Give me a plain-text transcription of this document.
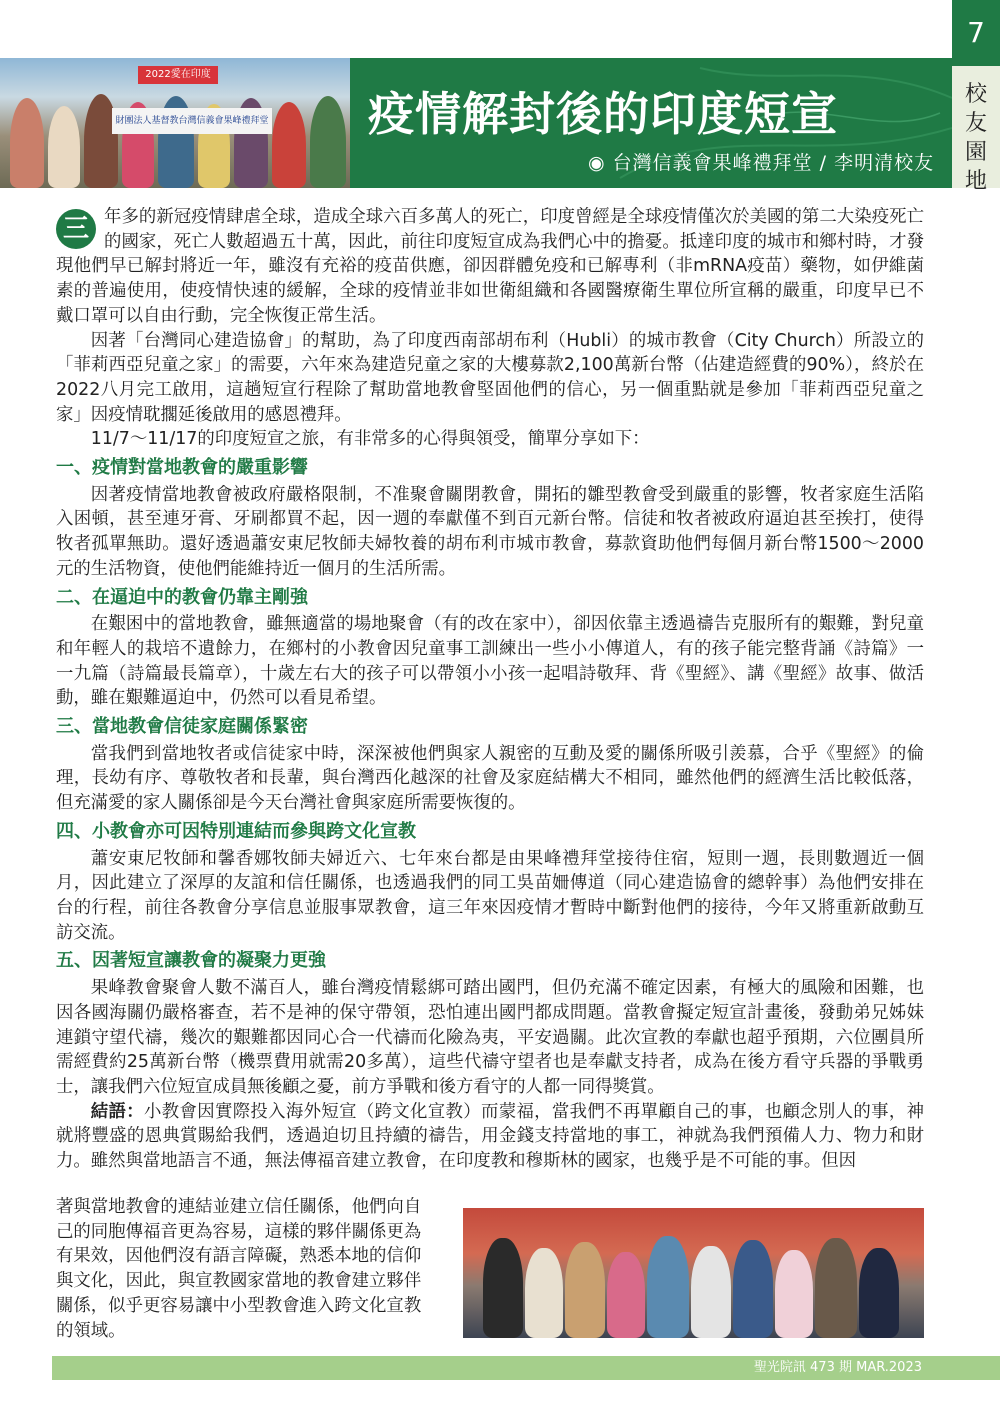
2022愛在印度
財團法人基督教台灣信義會果峰禮拜堂 疫情解封後的印度短宣
◉ 台灣信義會果峰禮拜堂 / 李明清校友
7
校友園地

三 年多的新冠疫情肆虐全球，造成全球六百多萬人的死亡，印度曾經是全球疫情僅次於美國的第二大染疫死亡的國家，死亡人數超過五十萬，因此，前往印度短宣成為我們心中的擔憂。抵達印度的城市和鄉村時，才發現他們早已解封將近一年，雖沒有充裕的疫苗供應，卻因群體免疫和已解專利（非mRNA疫苗）藥物，如伊維菌素的普遍使用，使疫情快速的緩解，全球的疫情並非如世衛組織和各國醫療衛生單位所宣稱的嚴重，印度早已不戴口罩可以自由行動，完全恢復正常生活。

因著「台灣同心建造協會」的幫助，為了印度西南部胡布利（Hubli）的城市教會（City Church）所設立的「菲莉西亞兒童之家」的需要，六年來為建造兒童之家的大樓募款2,100萬新台幣（佔建造經費的90%），終於在2022八月完工啟用，這趟短宣行程除了幫助當地教會堅固他們的信心，另一個重點就是參加「菲莉西亞兒童之家」因疫情耽擱延後啟用的感恩禮拜。

11/7～11/17的印度短宣之旅，有非常多的心得與領受，簡單分享如下：

一、疫情對當地教會的嚴重影響

因著疫情當地教會被政府嚴格限制，不准聚會關閉教會，開拓的雛型教會受到嚴重的影響，牧者家庭生活陷入困頓，甚至連牙膏、牙刷都買不起，因一週的奉獻僅不到百元新台幣。信徒和牧者被政府逼迫甚至挨打，使得牧者孤單無助。還好透過蕭安東尼牧師夫婦牧養的胡布利市城市教會，募款資助他們每個月新台幣1500～2000元的生活物資，使他們能維持近一個月的生活所需。

二、在逼迫中的教會仍靠主剛強

在艱困中的當地教會，雖無適當的場地聚會（有的改在家中），卻因依靠主透過禱告克服所有的艱難，對兒童和年輕人的栽培不遺餘力，在鄉村的小教會因兒童事工訓練出一些小小傳道人，有的孩子能完整背誦《詩篇》一一九篇（詩篇最長篇章），十歲左右大的孩子可以帶領小小孩一起唱詩敬拜、背《聖經》、講《聖經》故事、做活動，雖在艱難逼迫中，仍然可以看見希望。

三、當地教會信徒家庭關係緊密

當我們到當地牧者或信徒家中時，深深被他們與家人親密的互動及愛的關係所吸引羨慕，合乎《聖經》的倫理，長幼有序、尊敬牧者和長輩，與台灣西化越深的社會及家庭結構大不相同，雖然他們的經濟生活比較低落，但充滿愛的家人關係卻是今天台灣社會與家庭所需要恢復的。

四、小教會亦可因特別連結而參與跨文化宣教

蕭安東尼牧師和馨香娜牧師夫婦近六、七年來台都是由果峰禮拜堂接待住宿，短則一週，長則數週近一個月，因此建立了深厚的友誼和信任關係，也透過我們的同工吳苗姍傳道（同心建造協會的總幹事）為他們安排在台的行程，前往各教會分享信息並服事眾教會，這三年來因疫情才暫時中斷對他們的接待，今年又將重新啟動互訪交流。

五、因著短宣讓教會的凝聚力更強

果峰教會聚會人數不滿百人，雖台灣疫情鬆綁可踏出國門，但仍充滿不確定因素，有極大的風險和困難，也因各國海關仍嚴格審查，若不是神的保守帶領，恐怕連出國門都成問題。當教會擬定短宣計畫後，發動弟兄姊妹連鎖守望代禱，幾次的艱難都因同心合一代禱而化險為夷，平安過關。此次宣教的奉獻也超乎預期，六位團員所需經費約25萬新台幣（機票費用就需20多萬），這些代禱守望者也是奉獻支持者，成為在後方看守兵器的爭戰勇士，讓我們六位短宣成員無後顧之憂，前方爭戰和後方看守的人都一同得獎賞。

結語：小教會因實際投入海外短宣（跨文化宣教）而蒙福，當我們不再單顧自己的事，也顧念別人的事，神就將豐盛的恩典賞賜給我們，透過迫切且持續的禱告，用金錢支持當地的事工，神就為我們預備人力、物力和財力。雖然與當地語言不通，無法傳福音建立教會，在印度教和穆斯林的國家，也幾乎是不可能的事。但因

著與當地教會的連結並建立信任關係，他們向自己的同胞傳福音更為容易，這樣的夥伴關係更為有果效，因他們沒有語言障礙，熟悉本地的信仰與文化，因此，與宣教國家當地的教會建立夥伴關係，似乎更容易讓中小型教會進入跨文化宣教的領域。

聖光院訊 473 期 MAR.2023
